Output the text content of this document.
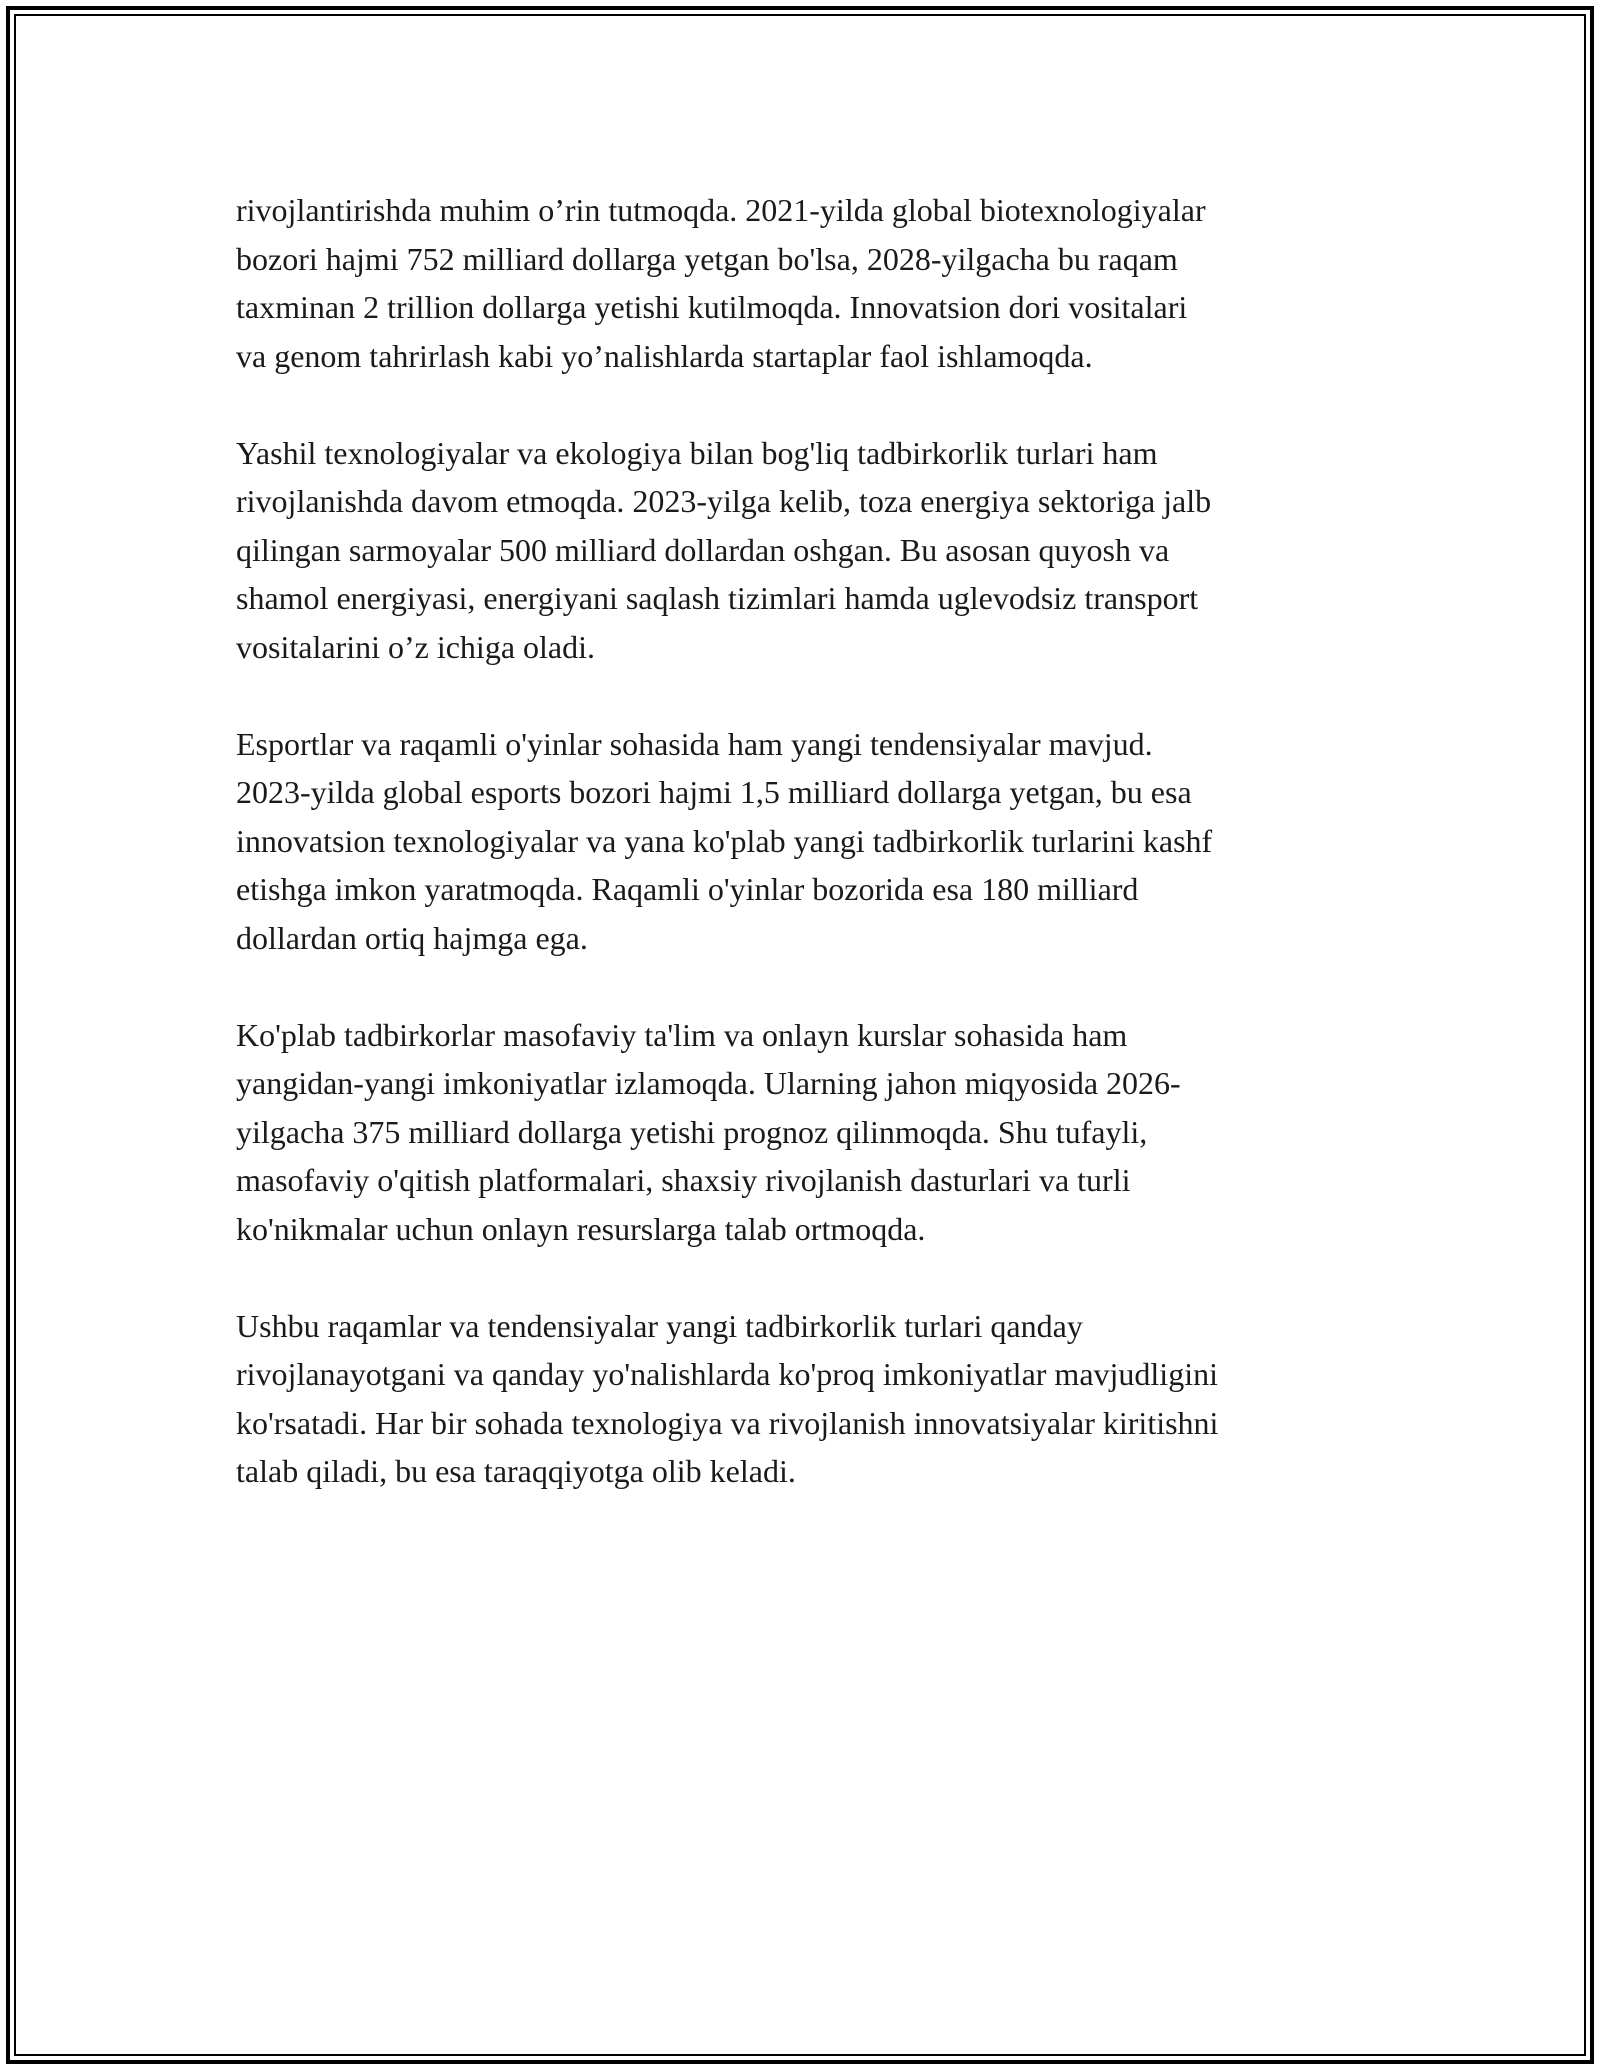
rivojlantirishda muhim o’rin tutmoqda. 2021-yilda global biotexnologiyalar
bozori hajmi 752 milliard dollarga yetgan bo'lsa, 2028-yilgacha bu raqam
taxminan 2 trillion dollarga yetishi kutilmoqda. Innovatsion dori vositalari
va genom tahrirlash kabi yo’nalishlarda startaplar faol ishlamoqda.

Yashil texnologiyalar va ekologiya bilan bog'liq tadbirkorlik turlari ham
rivojlanishda davom etmoqda. 2023-yilga kelib, toza energiya sektoriga jalb
qilingan sarmoyalar 500 milliard dollardan oshgan. Bu asosan quyosh va
shamol energiyasi, energiyani saqlash tizimlari hamda uglevodsiz transport
vositalarini o’z ichiga oladi.

Esportlar va raqamli o'yinlar sohasida ham yangi tendensiyalar mavjud.
2023-yilda global esports bozori hajmi 1,5 milliard dollarga yetgan, bu esa
innovatsion texnologiyalar va yana ko'plab yangi tadbirkorlik turlarini kashf
etishga imkon yaratmoqda. Raqamli o'yinlar bozorida esa 180 milliard
dollardan ortiq hajmga ega.

Ko'plab tadbirkorlar masofaviy ta'lim va onlayn kurslar sohasida ham
yangidan-yangi imkoniyatlar izlamoqda. Ularning jahon miqyosida 2026-
yilgacha 375 milliard dollarga yetishi prognoz qilinmoqda. Shu tufayli,
masofaviy o'qitish platformalari, shaxsiy rivojlanish dasturlari va turli
ko'nikmalar uchun onlayn resurslarga talab ortmoqda.

Ushbu raqamlar va tendensiyalar yangi tadbirkorlik turlari qanday
rivojlanayotgani va qanday yo'nalishlarda ko'proq imkoniyatlar mavjudligini
ko'rsatadi. Har bir sohada texnologiya va rivojlanish innovatsiyalar kiritishni
talab qiladi, bu esa taraqqiyotga olib keladi.
